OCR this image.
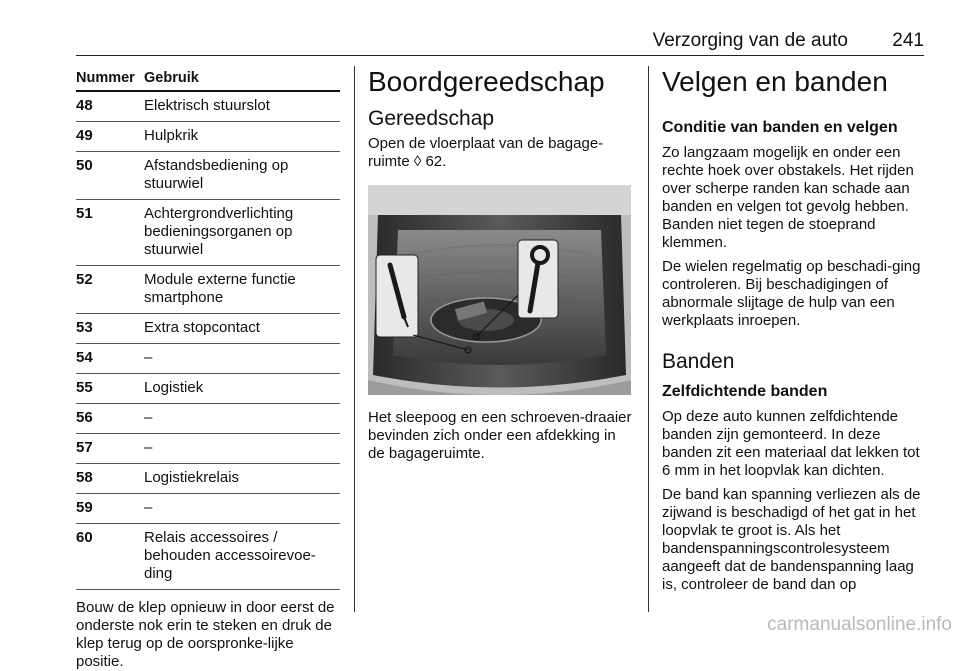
Verzorging van de auto 241
Nummer Gebruik
48	Elektrisch stuurslot
49	Hulpkrik
50	Afstandsbediening op stuurwiel
51	Achtergrondverlichting bedieningsorganen op stuurwiel
52	Module externe functie smartphone
53	Extra stopcontact
54	–
55	Logistiek
56	–
57	–
58	Logistiekrelais
59	–
60	Relais accessoires / behouden accessoirevoe-ding
Bouw de klep opnieuw in door eerst de onderste nok erin te steken en druk de klep terug op de oorspronke-lijke positie.
Boordgereedschap
Gereedschap
Open de vloerplaat van de bagage-ruimte ◊ 62.
Het sleepoog en een schroeven-draaier bevinden zich onder een afdekking in de bagageruimte.
Velgen en banden
Conditie van banden en velgen
Zo langzaam mogelijk en onder een rechte hoek over obstakels. Het rijden over scherpe randen kan schade aan banden en velgen tot gevolg hebben. Banden niet tegen de stoeprand klemmen.
De wielen regelmatig op beschadi-ging controleren. Bij beschadigingen of abnormale slijtage de hulp van een werkplaats inroepen.
Banden
Zelfdichtende banden
Op deze auto kunnen zelfdichtende banden zijn gemonteerd. In deze banden zit een materiaal dat lekken tot 6 mm in het loopvlak kan dichten.
De band kan spanning verliezen als de zijwand is beschadigd of het gat in het loopvlak te groot is. Als het bandenspanningscontrolesysteem aangeeft dat de bandenspanning laag is, controleer de band dan op
carmanualsonline.info
